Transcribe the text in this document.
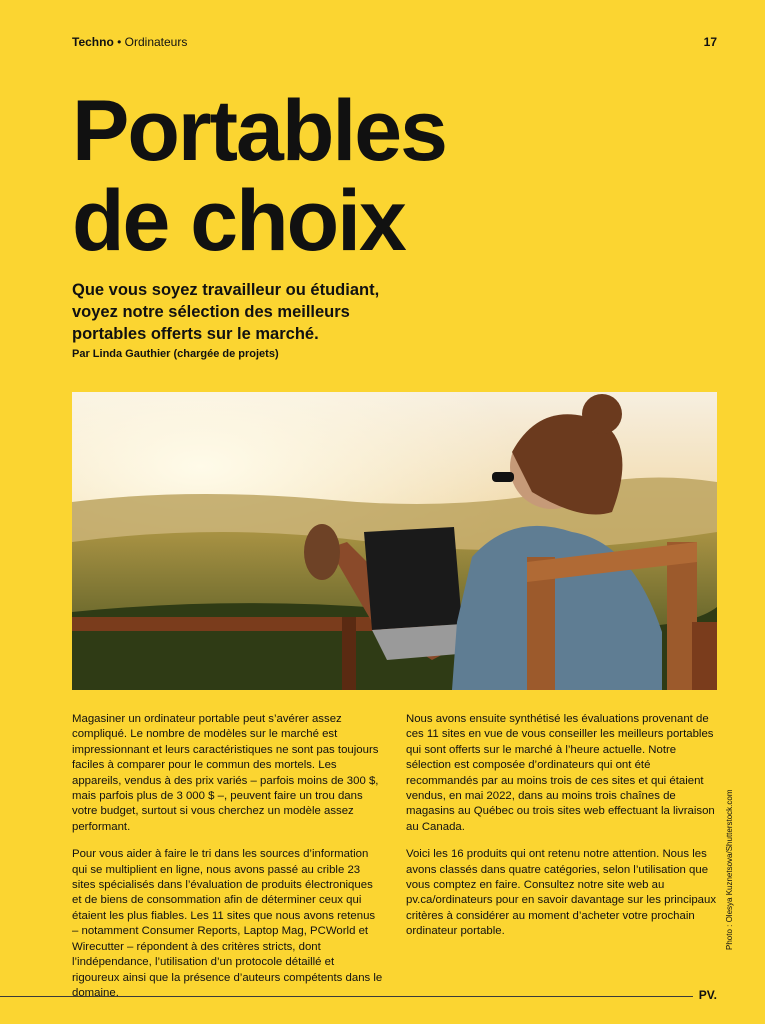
Techno • Ordinateurs	17
Portables
de choix

Que vous soyez travailleur ou étudiant, voyez notre sélection des meilleurs portables offerts sur le marché.

Par Linda Gauthier (chargée de projets)

Magasiner un ordinateur portable peut s’avérer assez compliqué. Le nombre de modèles sur le marché est impressionnant et leurs caractéristiques ne sont pas toujours faciles à comparer pour le commun des mortels. Les appareils, vendus à des prix variés – parfois moins de 300 $, mais parfois plus de 3 000 $ –, peuvent faire un trou dans votre budget, surtout si vous cherchez un modèle assez performant.

Pour vous aider à faire le tri dans les sources d’information qui se multiplient en ligne, nous avons passé au crible 23 sites spécialisés dans l’évaluation de produits électroniques et de biens de consommation afin de déterminer ceux qui étaient les plus fiables. Les 11 sites que nous avons retenus – notamment Consumer Reports, Laptop Mag, PCWorld et Wirecutter – répondent à des critères stricts, dont l’indépendance, l’utilisation d’un protocole détaillé et rigoureux ainsi que la présence d’auteurs compétents dans le domaine.

Nous avons ensuite synthétisé les évaluations provenant de ces 11 sites en vue de vous conseiller les meilleurs portables qui sont offerts sur le marché à l’heure actuelle. Notre sélection est composée d’ordinateurs qui ont été recommandés par au moins trois de ces sites et qui étaient vendus, en mai 2022, dans au moins trois chaînes de magasins au Québec ou trois sites web effectuant la livraison au Canada.

Voici les 16 produits qui ont retenu notre attention. Nous les avons classés dans quatre catégories, selon l’utilisation que vous comptez en faire. Consultez notre site web au pv.ca/ordinateurs pour en savoir davantage sur les principaux critères à considérer au moment d’acheter votre prochain ordinateur portable.	Photo : Olesya Kuznetsova/Shutterstock.com
PV.
